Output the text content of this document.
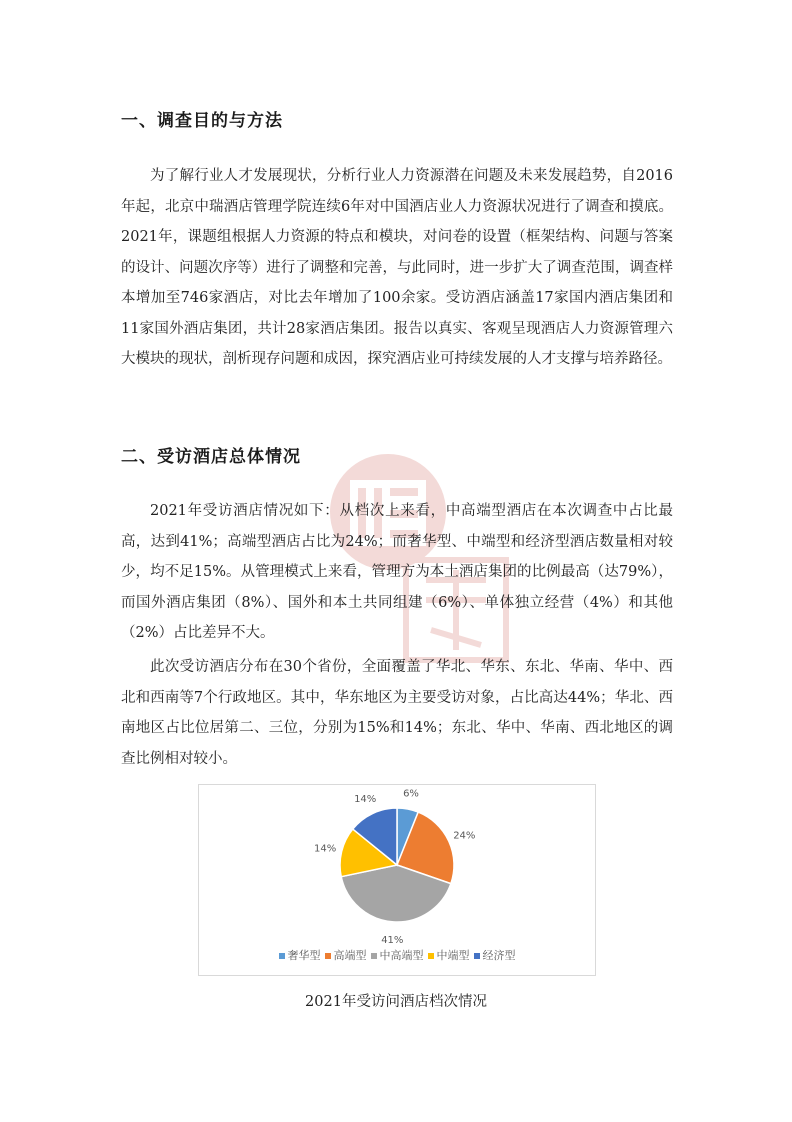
一、调查目的与方法

为了解行业人才发展现状，分析行业人力资源潜在问题及未来发展趋势，自2016年起，北京中瑞酒店管理学院连续6年对中国酒店业人力资源状况进行了调查和摸底。2021年，课题组根据人力资源的特点和模块，对问卷的设置（框架结构、问题与答案的设计、问题次序等）进行了调整和完善，与此同时，进一步扩大了调查范围，调查样本增加至746家酒店，对比去年增加了100余家。受访酒店涵盖17家国内酒店集团和11家国外酒店集团，共计28家酒店集团。报告以真实、客观呈现酒店人力资源管理六大模块的现状，剖析现存问题和成因，探究酒店业可持续发展的人才支撑与培养路径。

二、受访酒店总体情况

2021年受访酒店情况如下：从档次上来看，中高端型酒店在本次调查中占比最高，达到41%；高端型酒店占比为24%；而奢华型、中端型和经济型酒店数量相对较少，均不足15%。从管理模式上来看，管理方为本土酒店集团的比例最高（达79%），而国外酒店集团（8%）、国外和本土共同组建（6%）、单体独立经营（4%）和其他（2%）占比差异不大。

此次受访酒店分布在30个省份，全面覆盖了华北、华东、东北、华南、华中、西北和西南等7个行政地区。其中，华东地区为主要受访对象，占比高达44%；华北、西南地区占比位居第二、三位，分别为15%和14%；东北、华中、华南、西北地区的调查比例相对较小。

6%
24%
41%
14%
14%
奢华型 高端型 中高端型 中端型 经济型

2021年受访问酒店档次情况
